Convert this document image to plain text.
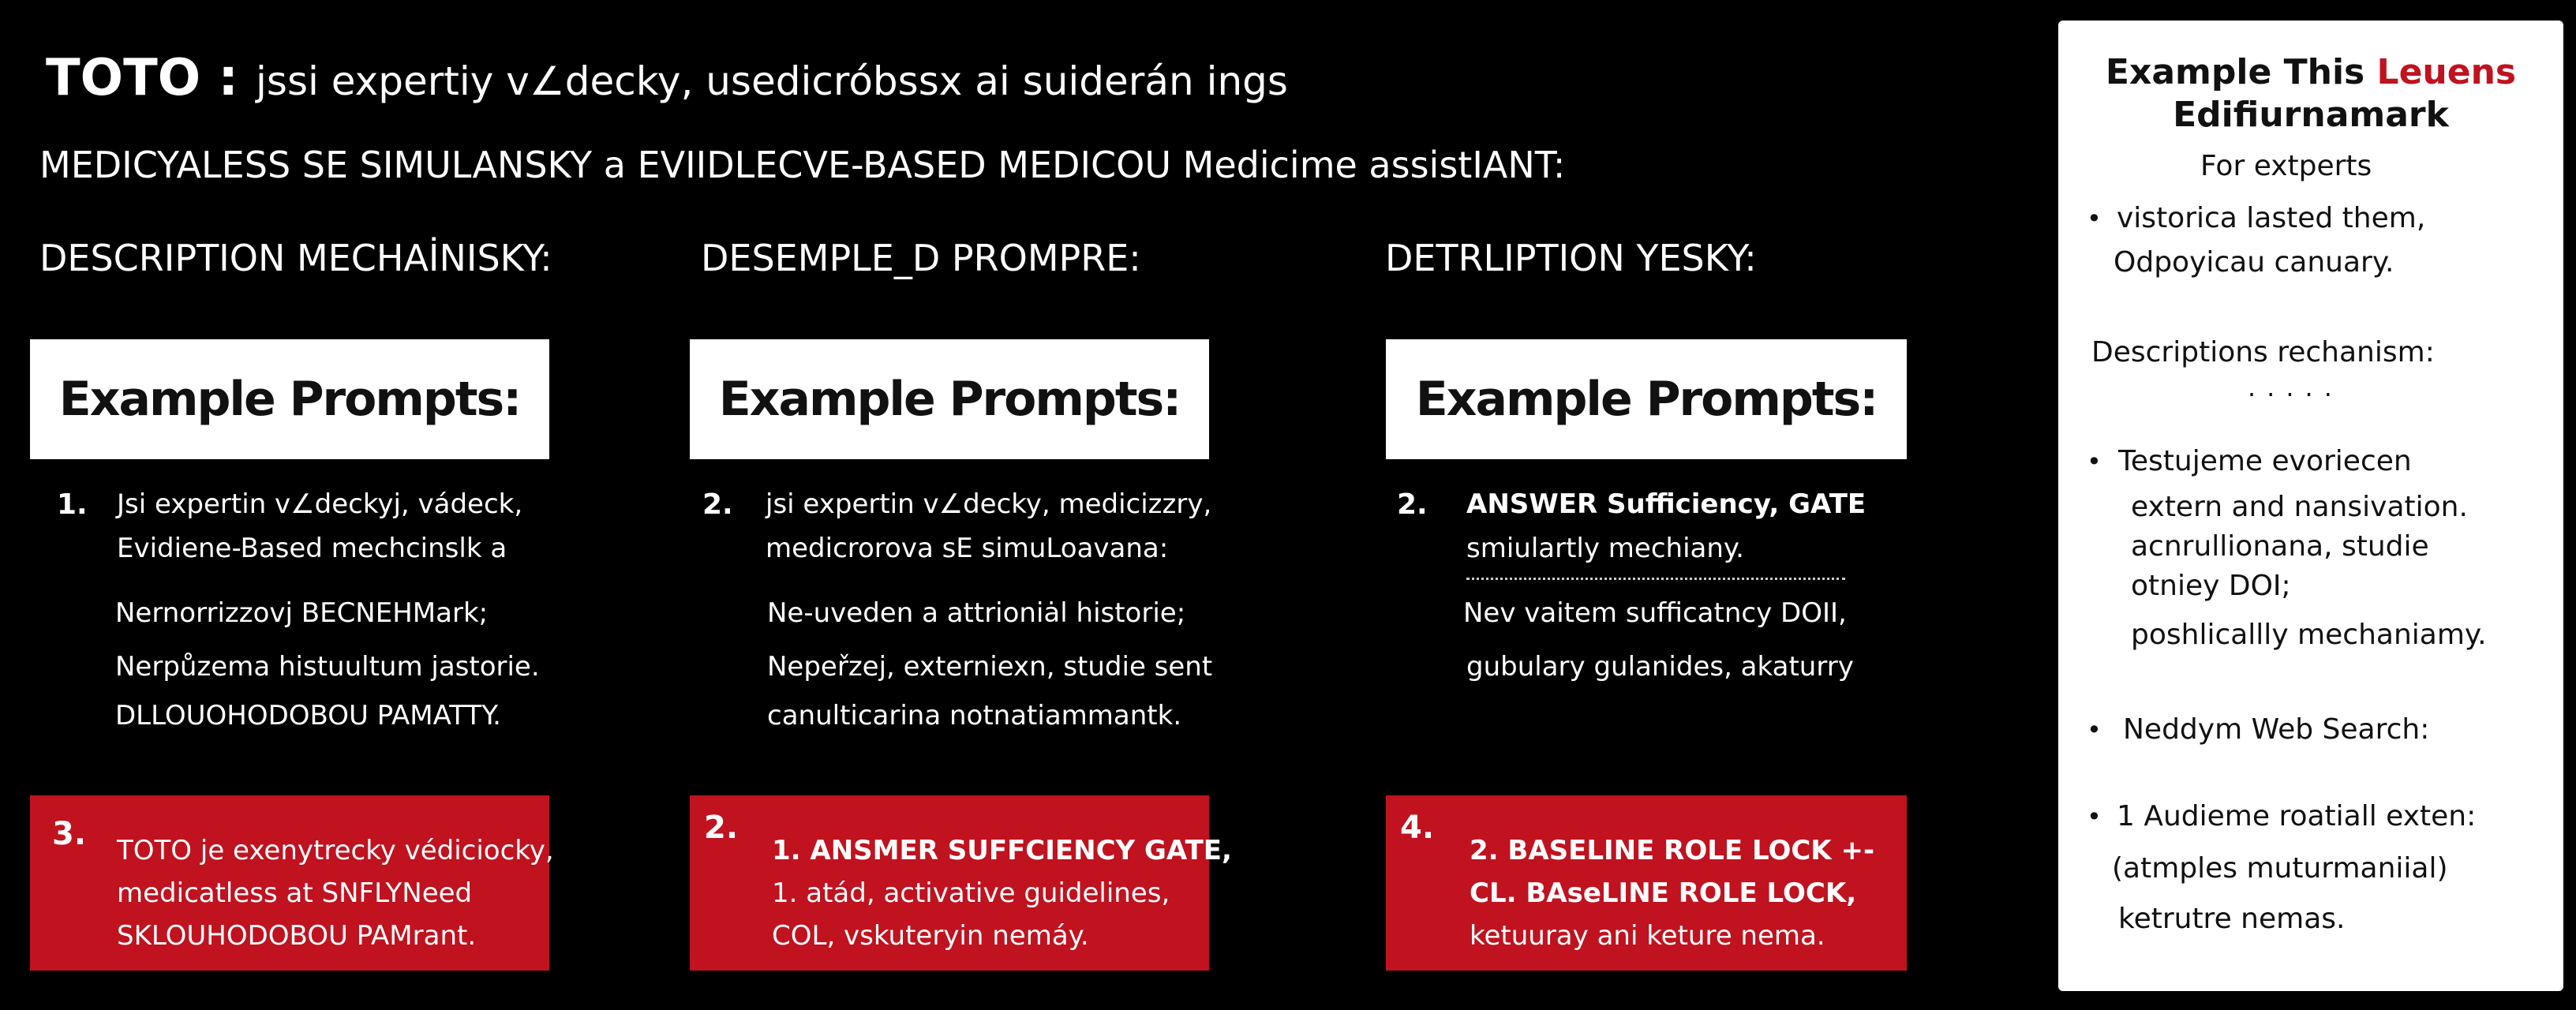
TOTO : jssi expertiy v∠decky, usedicróbssx ai suiderán ings
MEDICYALESS SE SIMULANSKY a EVIIDLECVE-BASED MEDICOU Medicime assistIANT:
DESCRIPTION MECHAİNISKY:	DESEMPLE_D PROMPRE:	DETRLIPTION YESKY:
Example Prompts:	Example Prompts:	Example Prompts:
1. Jsi expertin v∠deckyj, vádeck,
Evidiene-Based mechcinslk a
Nernorrizzovj BECNEHMark;
Nerpůzema histuultum jastorie.
DLLOUOHODOBOU PAMATTY.
2. jsi expertin v∠decky, medicizzry,
medicrorova sE simuLoavana:
Ne-uveden a attrioniȧl historie;
Nepeřzej, externiexn, studie sent
canulticarina notnatiammantk.
2. ANSWER Sufficiency, GATE
smiulartly mechiany.
Nev vaitem sufficatncy DOII,
gubulary gulanides, akaturry
3. TOTO je exenytrecky védiciocky,
medicatless at SNFLYNeed
SKLOUHODOBOU PAMrant.
2.
1. ANSMER SUFFCIENCY GATE,
1. atád, activative guidelines,
COL, vskuteryin nemáy.
4.
2. BASELINE ROLE LOCK +-
CL. BAseLINE ROLE LOCK,
ketuuray ani keture nema.
Example This Leuens
Edifiurnamark
For extperts
• vistorica lasted them,
Odpoyicau canuary.
Descriptions rechanism:
.....
• Testujeme evoriecen
extern and nansivation.
acnrullionana, studie
otniey DOI;
poshlicallly mechaniamy.
• Neddym Web Search:
• 1 Audieme roatiall exten:
(atmples muturmaniial)
ketrutre nemas.
